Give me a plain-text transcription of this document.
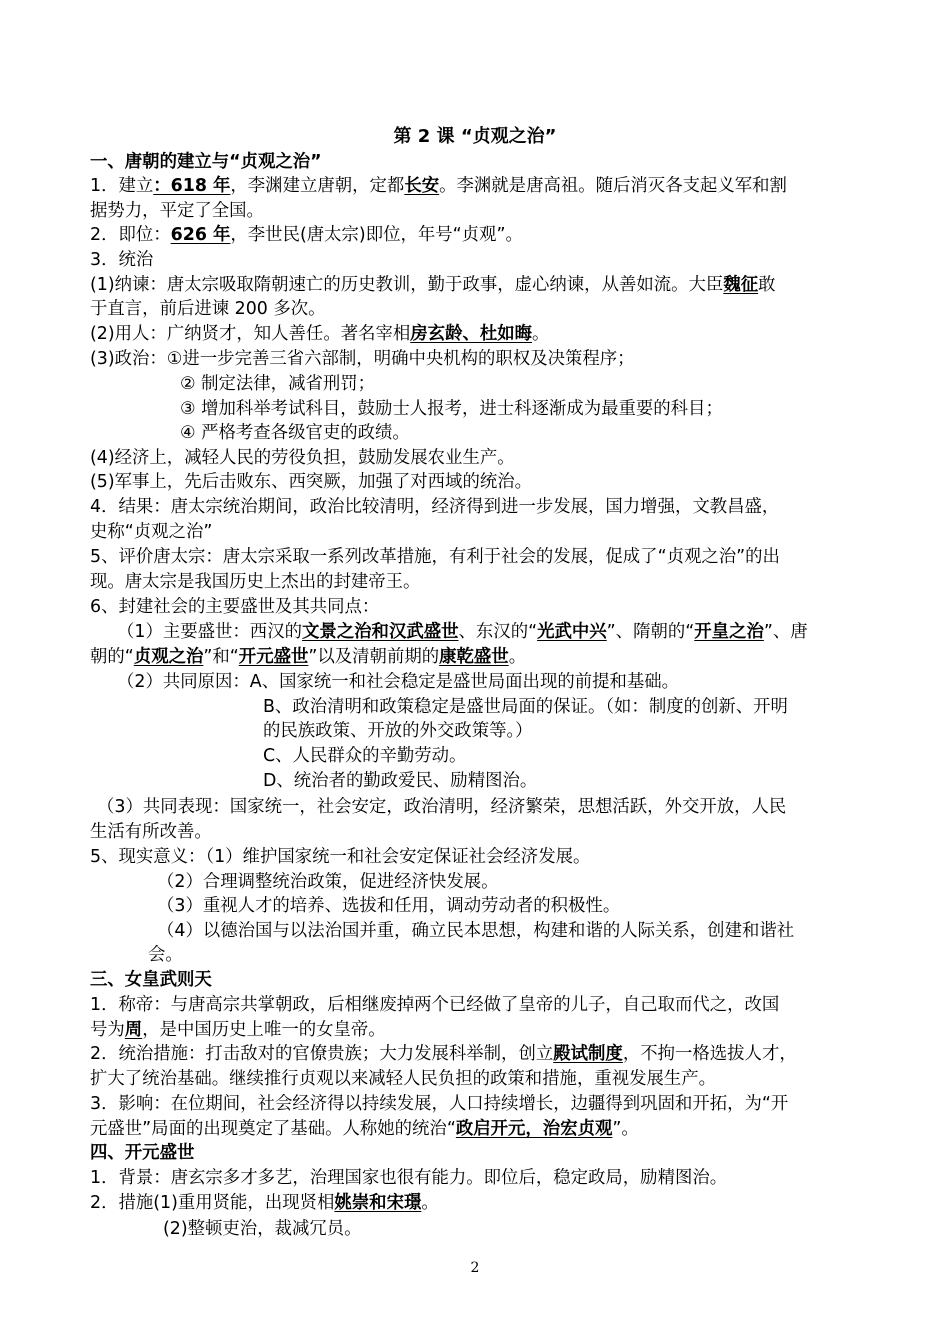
第 2 课 “贞观之治”
一、唐朝的建立与“贞观之治”
1．建立：618 年，李渊建立唐朝，定都长安。李渊就是唐高祖。随后消灭各支起义军和割
据势力，平定了全国。
2．即位：626 年，李世民(唐太宗)即位，年号“贞观”。
3．统治
(1)纳谏：唐太宗吸取隋朝速亡的历史教训，勤于政事，虚心纳谏，从善如流。大臣魏征敢
于直言，前后进谏 200 多次。
(2)用人：广纳贤才，知人善任。著名宰相房玄龄、杜如晦。
(3)政治：①进一步完善三省六部制，明确中央机构的职权及决策程序；
② 制定法律，减省刑罚；
③ 增加科举考试科目，鼓励士人报考，进士科逐渐成为最重要的科目；
④ 严格考查各级官吏的政绩。
(4)经济上，减轻人民的劳役负担，鼓励发展农业生产。
(5)军事上，先后击败东、西突厥，加强了对西域的统治。
4．结果：唐太宗统治期间，政治比较清明，经济得到进一步发展，国力增强，文教昌盛，
史称“贞观之治”
5、评价唐太宗：唐太宗采取一系列改革措施，有利于社会的发展，促成了“贞观之治”的出
现。唐太宗是我国历史上杰出的封建帝王。
6、封建社会的主要盛世及其共同点：
（1）主要盛世：西汉的文景之治和汉武盛世、东汉的“光武中兴”、隋朝的“开皇之治”、唐
朝的“贞观之治”和“开元盛世”以及清朝前期的康乾盛世。
（2）共同原因：A、国家统一和社会稳定是盛世局面出现的前提和基础。
B、政治清明和政策稳定是盛世局面的保证。（如：制度的创新、开明
的民族政策、开放的外交政策等。）
C、人民群众的辛勤劳动。
D、统治者的勤政爱民、励精图治。
（3）共同表现：国家统一，社会安定，政治清明，经济繁荣，思想活跃，外交开放，人民
生活有所改善。
5、现实意义：（1）维护国家统一和社会安定保证社会经济发展。
（2）合理调整统治政策，促进经济快发展。
（3）重视人才的培养、选拔和任用，调动劳动者的积极性。
（4）以德治国与以法治国并重，确立民本思想，构建和谐的人际关系，创建和谐社
会。
三、女皇武则天
1．称帝：与唐高宗共掌朝政，后相继废掉两个已经做了皇帝的儿子，自己取而代之，改国
号为周，是中国历史上唯一的女皇帝。
2．统治措施：打击敌对的官僚贵族；大力发展科举制，创立殿试制度，不拘一格选拔人才，
扩大了统治基础。继续推行贞观以来减轻人民负担的政策和措施，重视发展生产。
3．影响：在位期间，社会经济得以持续发展，人口持续增长，边疆得到巩固和开拓，为“开
元盛世”局面的出现奠定了基础。人称她的统治“政启开元，治宏贞观”。
四、开元盛世
1．背景：唐玄宗多才多艺，治理国家也很有能力。即位后，稳定政局，励精图治。
2．措施(1)重用贤能，出现贤相姚崇和宋璟。
(2)整顿吏治，裁减冗员。
2
